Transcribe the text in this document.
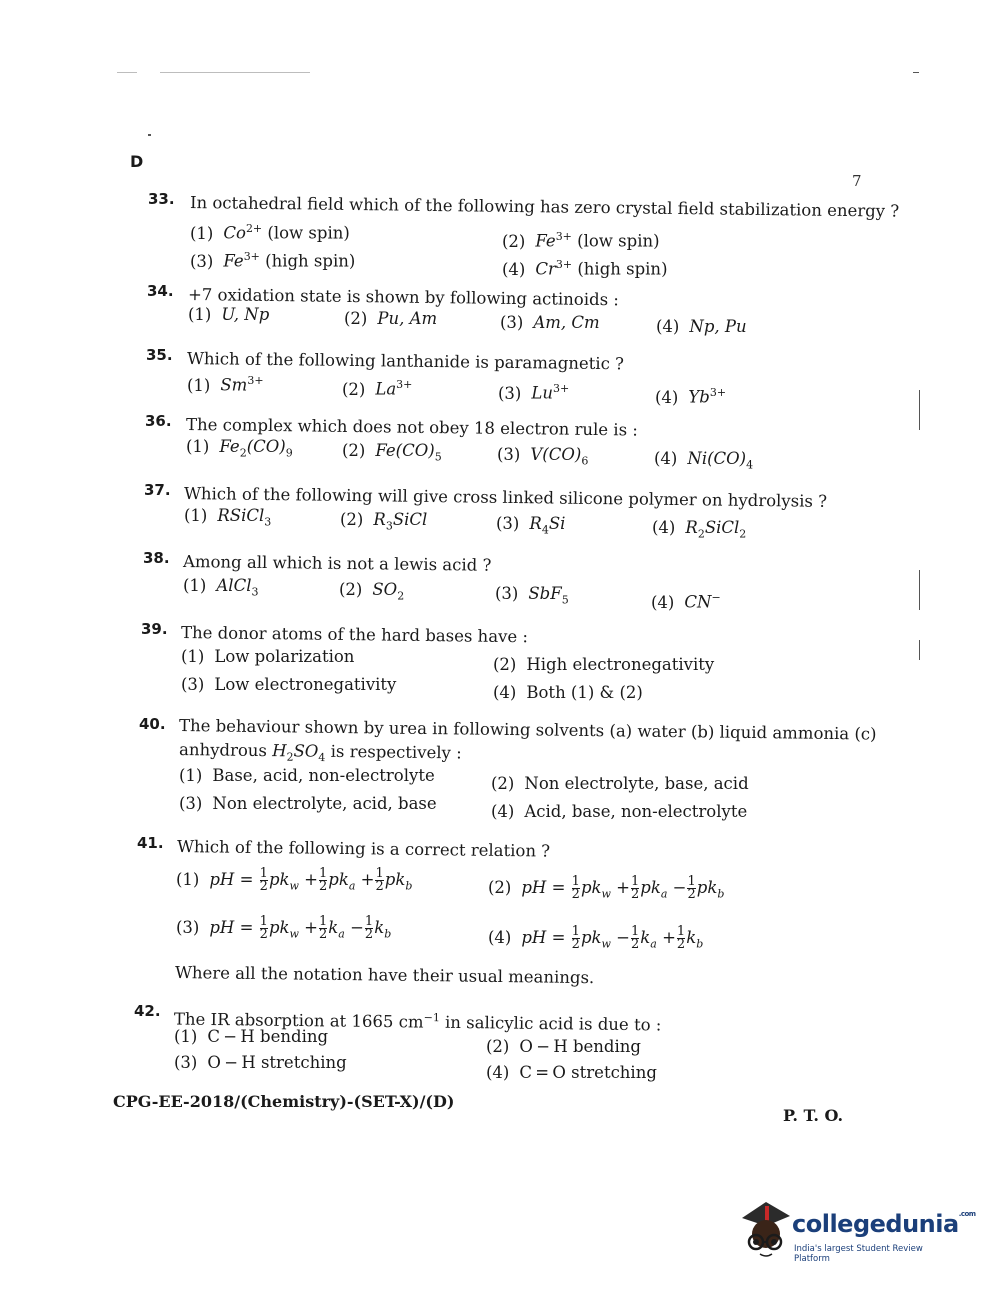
D
7
33. In octahedral field which of the following has zero crystal field stabilization energy ?
(1) $Co^{2+}$ (low spin)	(2) $Fe^{3+}$ (low spin)
(3) $Fe^{3+}$ (high spin)	(4) $Cr^{3+}$ (high spin)
34. +7 oxidation state is shown by following actinoids :
(1) U, Np	(2) Pu, Am	(3) Am, Cm	(4) Np, Pu
35. Which of the following lanthanide is paramagnetic ?
(1) $Sm^{3+}$	(2) $La^{3+}$	(3) $Lu^{3+}$	(4) $Yb^{3+}$
36. The complex which does not obey 18 electron rule is :
(1) $Fe_2(CO)_9$	(2) $Fe(CO)_5$	(3) $V(CO)_6$	(4) $Ni(CO)_4$
37. Which of the following will give cross linked silicone polymer on hydrolysis ?
(1) RSiCl$_3$	(2) $R_3SiCl$	(3) $R_4Si$	(4) $R_2SiCl_2$
38. Among all which is not a lewis acid ?
(1) AlCl$_3$	(2) $SO_2$	(3) SbF$_5$	(4) CN−
39. The donor atoms of the hard bases have :
(1) Low polarization	(2) High electronegativity
(3) Low electronegativity	(4) Both (1) & (2)
40. The behaviour shown by urea in following solvents (a) water (b) liquid ammonia (c)
anhydrous $H_2SO_4$ is respectively :
(1) Base, acid, non-electrolyte	(2) Non electrolyte, base, acid
(3) Non electrolyte, acid, base	(4) Acid, base, non-electrolyte
41. Which of the following is a correct relation ?
(1) pH = $\frac{1}{2} pk_w + \frac{1}{2} pk_a + \frac{1}{2} pk_b$	(2) pH = $\frac{1}{2} pk_w + \frac{1}{2} pk_a - \frac{1}{2} pk_b$
(3) pH = $\frac{1}{2} pk_w + \frac{1}{2} k_a - \frac{1}{2} k_b$	(4) pH = $\frac{1}{2} pk_w - \frac{1}{2} k_a + \frac{1}{2} k_b$
Where all the notation have their usual meanings.
42. The IR absorption at 1665 $cm^{-1}$ in salicylic acid is due to :
(1) C − H bending
(2) O − H bending
(3) O − H stretching
(4) C = O stretching
CPG-EE-2018/(Chemistry)-(SET-X)/(D)
P. T. O.
collegedunia$^{.com}$
India's largest Student Review Platform
